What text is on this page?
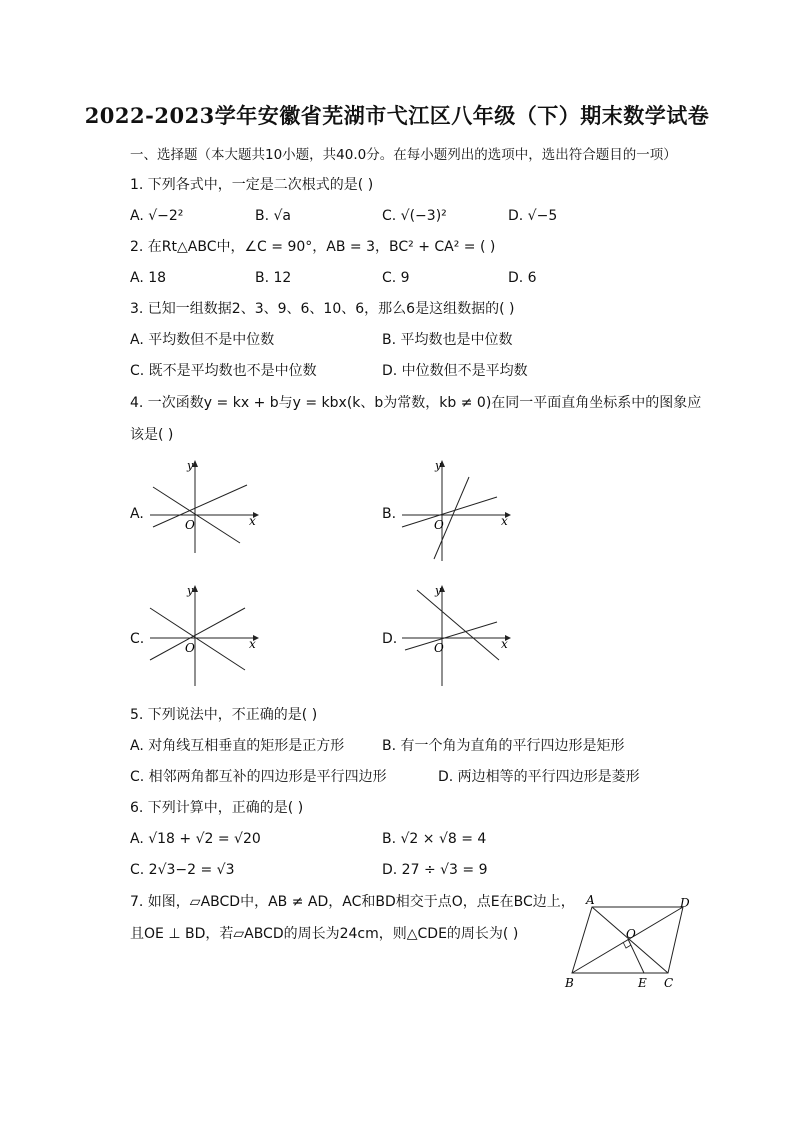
2022-2023学年安徽省芜湖市弋江区八年级（下）期末数学试卷
一、选择题（本大题共10小题，共40.0分。在每小题列出的选项中，选出符合题目的一项）
1. 下列各式中，一定是二次根式的是( )
A. √−2²	B. √a	C. √(−3)²	D. √−5
2. 在Rt△ABC中，∠C = 90°，AB = 3，BC² + CA² = ( )
A. 18	B. 12	C. 9	D. 6
3. 已知一组数据2、3、9、6、10、6，那么6是这组数据的( )
A. 平均数但不是中位数	B. 平均数也是中位数
C. 既不是平均数也不是中位数	D. 中位数但不是平均数
4. 一次函数y = kx + b与y = kbx(k、b为常数，kb ≠ 0)在同一平面直角坐标系中的图象应
该是( )
A.
O	x
y
B.
O	x
y
C.
O	x
y
D.
O	x
y
5. 下列说法中，不正确的是( )
A. 对角线互相垂直的矩形是正方形	B. 有一个角为直角的平行四边形是矩形
C. 相邻两角都互补的四边形是平行四边形	D. 两边相等的平行四边形是菱形
6. 下列计算中，正确的是( )
A. √18 + √2 = √20	B. √2 × √8 = 4
C. 2√3−2 = √3	D. 27 ÷ √3 = 9
7. 如图，▱ABCD中，AB ≠ AD，AC和BD相交于点O，点E在BC边上，
且OE ⊥ BD，若▱ABCD的周长为24cm，则△CDE的周长为( )
A	D
B	C
E
O
